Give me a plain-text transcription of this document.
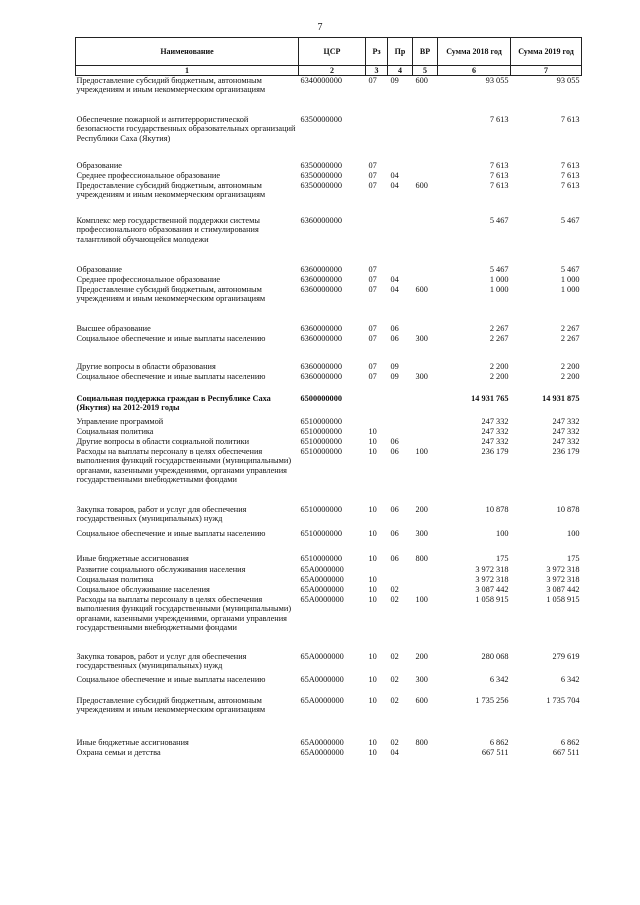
7
Наименование	ЦСР	Рз	Пр	ВР	Сумма 2018 год	Сумма 2019 год
1	2	3	4	5	6	7
Предоставление субсидий бюджетным, автономным учреждениям и иным некоммерческим организациям	6340000000	07	09	600	93 055	93 055

Обеспечение пожарной и антитеррористической безопасности государственных образовательных организаций Республики Саха (Якутия)	6350000000				7 613	7 613

Образование	6350000000	07			7 613	7 613
Среднее профессиональное образование	6350000000	07	04		7 613	7 613
Предоставление субсидий бюджетным, автономным учреждениям и иным некоммерческим организациям	6350000000	07	04	600	7 613	7 613

Комплекс мер государственной поддержки системы профессионального образования и стимулирования талантливой обучающейся молодежи	6360000000				5 467	5 467

Образование	6360000000	07			5 467	5 467
Среднее профессиональное образование	6360000000	07	04		1 000	1 000
Предоставление субсидий бюджетным, автономным учреждениям и иным некоммерческим организациям	6360000000	07	04	600	1 000	1 000

Высшее образование	6360000000	07	06		2 267	2 267
Социальное обеспечение и иные выплаты населению	6360000000	07	06	300	2 267	2 267

Другие вопросы в области образования	6360000000	07	09		2 200	2 200
Социальное обеспечение и иные выплаты населению	6360000000	07	09	300	2 200	2 200

Социальная поддержка граждан в Республике Саха (Якутия) на 2012-2019 годы	6500000000				14 931 765	14 931 875
Управление программой	6510000000				247 332	247 332
Социальная политика	6510000000	10			247 332	247 332
Другие вопросы в области социальной политики	6510000000	10	06		247 332	247 332
Расходы на выплаты персоналу в целях обеспечения выполнения функций государственными (муниципальными) органами, казенными учреждениями, органами управления государственными внебюджетными фондами	6510000000	10	06	100	236 179	236 179

Закупка товаров, работ и услуг для обеспечения государственных (муниципальных) нужд	6510000000	10	06	200	10 878	10 878

Социальное обеспечение и иные выплаты населению	6510000000	10	06	300	100	100

Иные бюджетные ассигнования	6510000000	10	06	800	175	175
Развитие социального обслуживания населения	65А0000000				3 972 318	3 972 318
Социальная политика	65А0000000	10			3 972 318	3 972 318
Социальное обслуживание населения	65А0000000	10	02		3 087 442	3 087 442
Расходы на выплаты персоналу в целях обеспечения выполнения функций государственными (муниципальными) органами, казенными учреждениями, органами управления государственными внебюджетными фондами	65А0000000	10	02	100	1 058 915	1 058 915

Закупка товаров, работ и услуг для обеспечения государственных (муниципальных) нужд	65А0000000	10	02	200	280 068	279 619
Социальное обеспечение и иные выплаты населению	65А0000000	10	02	300	6 342	6 342
Предоставление субсидий бюджетным, автономным учреждениям и иным некоммерческим организациям	65А0000000	10	02	600	1 735 256	1 735 704

Иные бюджетные ассигнования	65А0000000	10	02	800	6 862	6 862
Охрана семьи и детства	65А0000000	10	04		667 511	667 511
